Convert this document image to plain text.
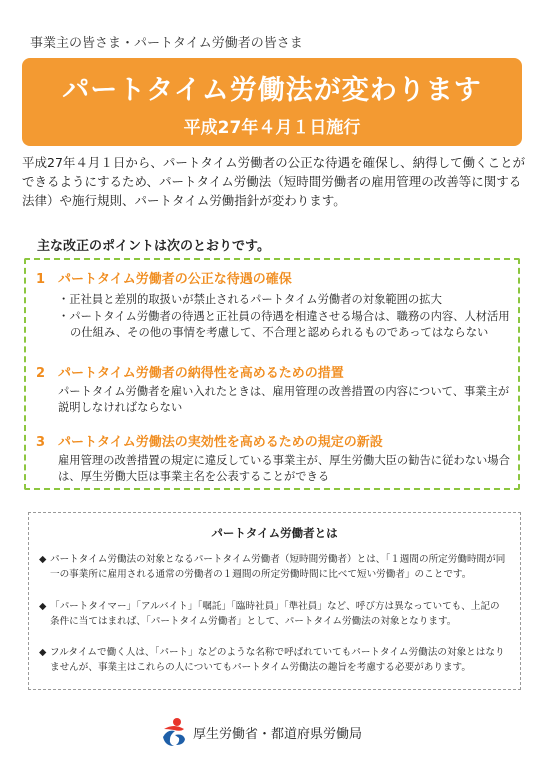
事業主の皆さま・パートタイム労働者の皆さま
パートタイム労働法が変わります
平成27年４月１日施行
平成27年４月１日から、パートタイム労働者の公正な待遇を確保し、納得して働くことができるようにするため、パートタイム労働法（短時間労働者の雇用管理の改善等に関する法律）や施行規則、パートタイム労働指針が変わります。
主な改正のポイントは次のとおりです。
1 パートタイム労働者の公正な待遇の確保
・正社員と差別的取扱いが禁止されるパートタイム労働者の対象範囲の拡大
・パートタイム労働者の待遇と正社員の待遇を相違させる場合は、職務の内容、人材活用の仕組み、その他の事情を考慮して、不合理と認められるものであってはならない
2 パートタイム労働者の納得性を高めるための措置
パートタイム労働者を雇い入れたときは、雇用管理の改善措置の内容について、事業主が説明しなければならない
3 パートタイム労働法の実効性を高めるための規定の新設
雇用管理の改善措置の規定に違反している事業主が、厚生労働大臣の勧告に従わない場合は、厚生労働大臣は事業主名を公表することができる
パートタイム労働者とは
◆ パートタイム労働法の対象となるパートタイム労働者（短時間労働者）とは、「１週間の所定労働時間が同一の事業所に雇用される通常の労働者の１週間の所定労働時間に比べて短い労働者」のことです。
◆ 「パートタイマー」「アルバイト」「嘱託」「臨時社員」「準社員」など、呼び方は異なっていても、上記の条件に当てはまれば、「パートタイム労働者」として、パートタイム労働法の対象となります。
◆ フルタイムで働く人は、「パート」などのような名称で呼ばれていてもパートタイム労働法の対象とはなりませんが、事業主はこれらの人についてもパートタイム労働法の趣旨を考慮する必要があります。
厚生労働省・都道府県労働局
